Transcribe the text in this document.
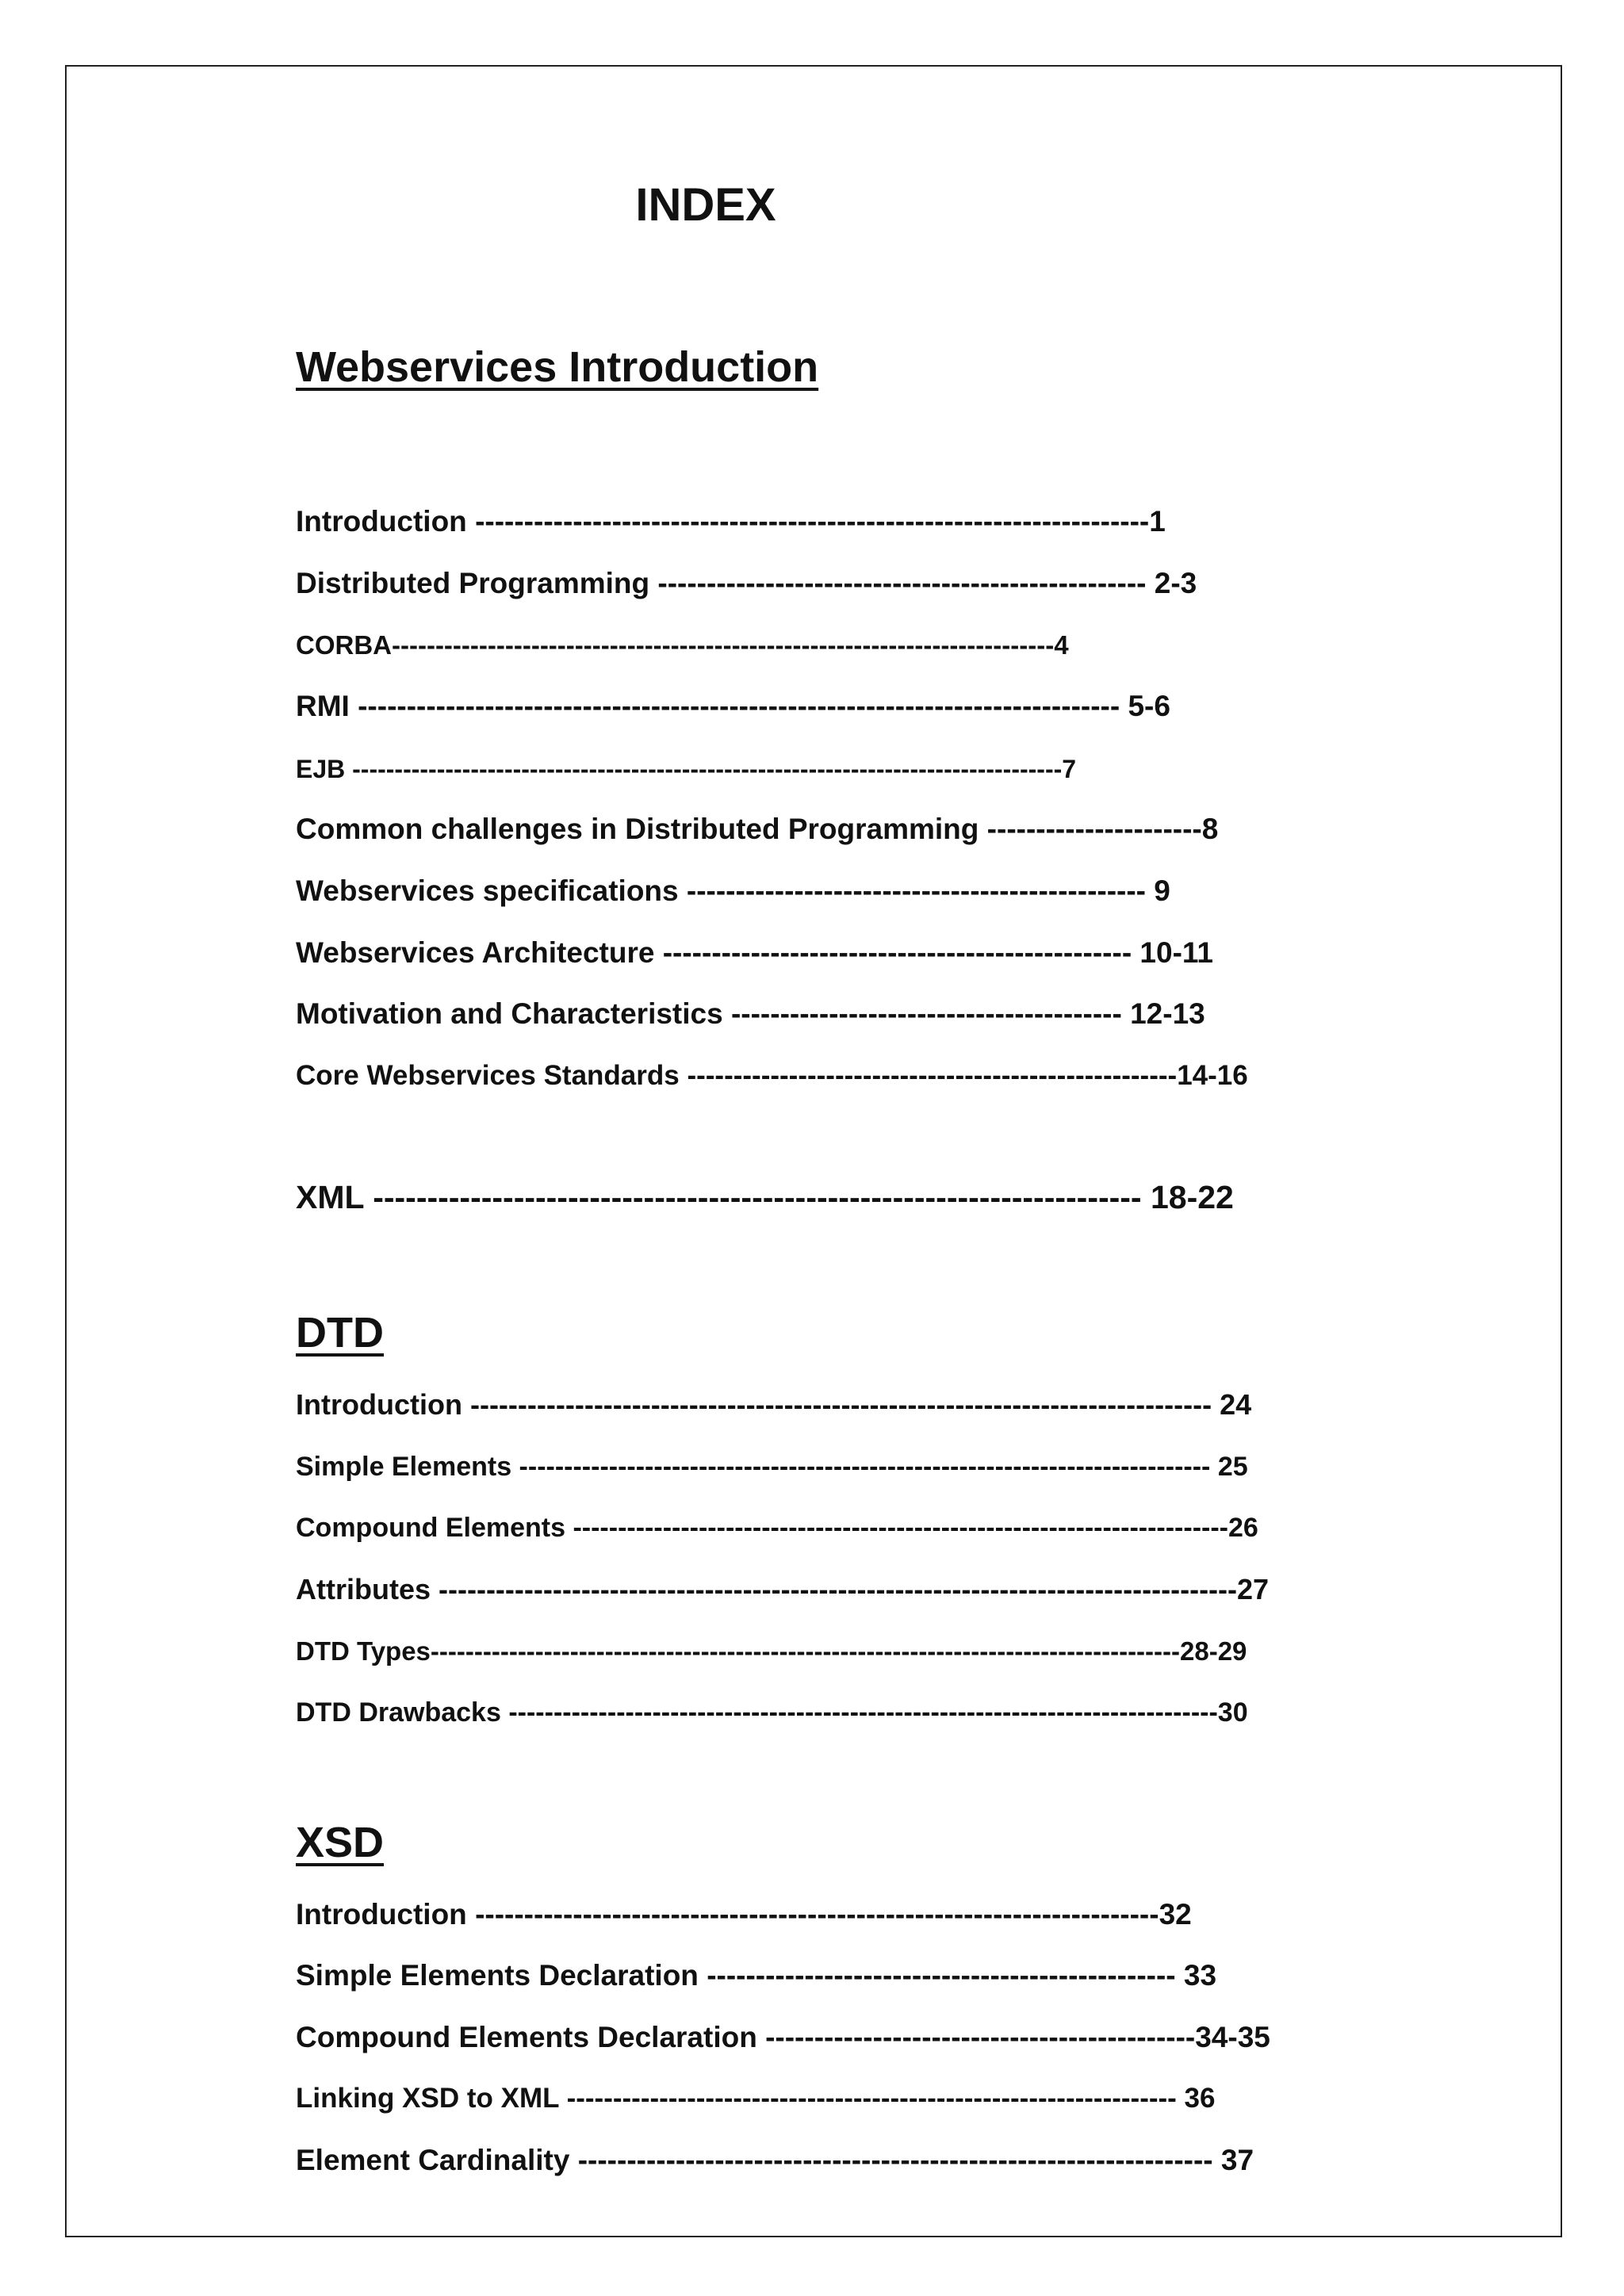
INDEX
Webservices Introduction
Introduction ---------------------------------------------------------------------1
Distributed Programming -------------------------------------------------- 2-3
CORBA----------------------------------------------------------------------------4
RMI ------------------------------------------------------------------------------ 5-6
EJB ------------------------------------------------------------------------------------7
Common challenges in Distributed Programming ----------------------8
Webservices specifications ----------------------------------------------- 9
Webservices Architecture ------------------------------------------------ 10-11
Motivation and Characteristics ---------------------------------------- 12-13
Core Webservices Standards -----------------------------------------------------14-16
XML ----------------------------------------------------------------------- 18-22
DTD
Introduction ------------------------------------------------------------------------------ 24
Simple Elements ----------------------------------------------------------------------------- 25
Compound Elements -------------------------------------------------------------------------26
Attributes ------------------------------------------------------------------------------------27
DTD Types--------------------------------------------------------------------------------------28-29
DTD Drawbacks -------------------------------------------------------------------------------30
XSD
Introduction ----------------------------------------------------------------------32
Simple Elements Declaration ------------------------------------------------ 33
Compound Elements Declaration --------------------------------------------34-35
Linking XSD to XML ------------------------------------------------------------------ 36
Element Cardinality ----------------------------------------------------------------- 37
